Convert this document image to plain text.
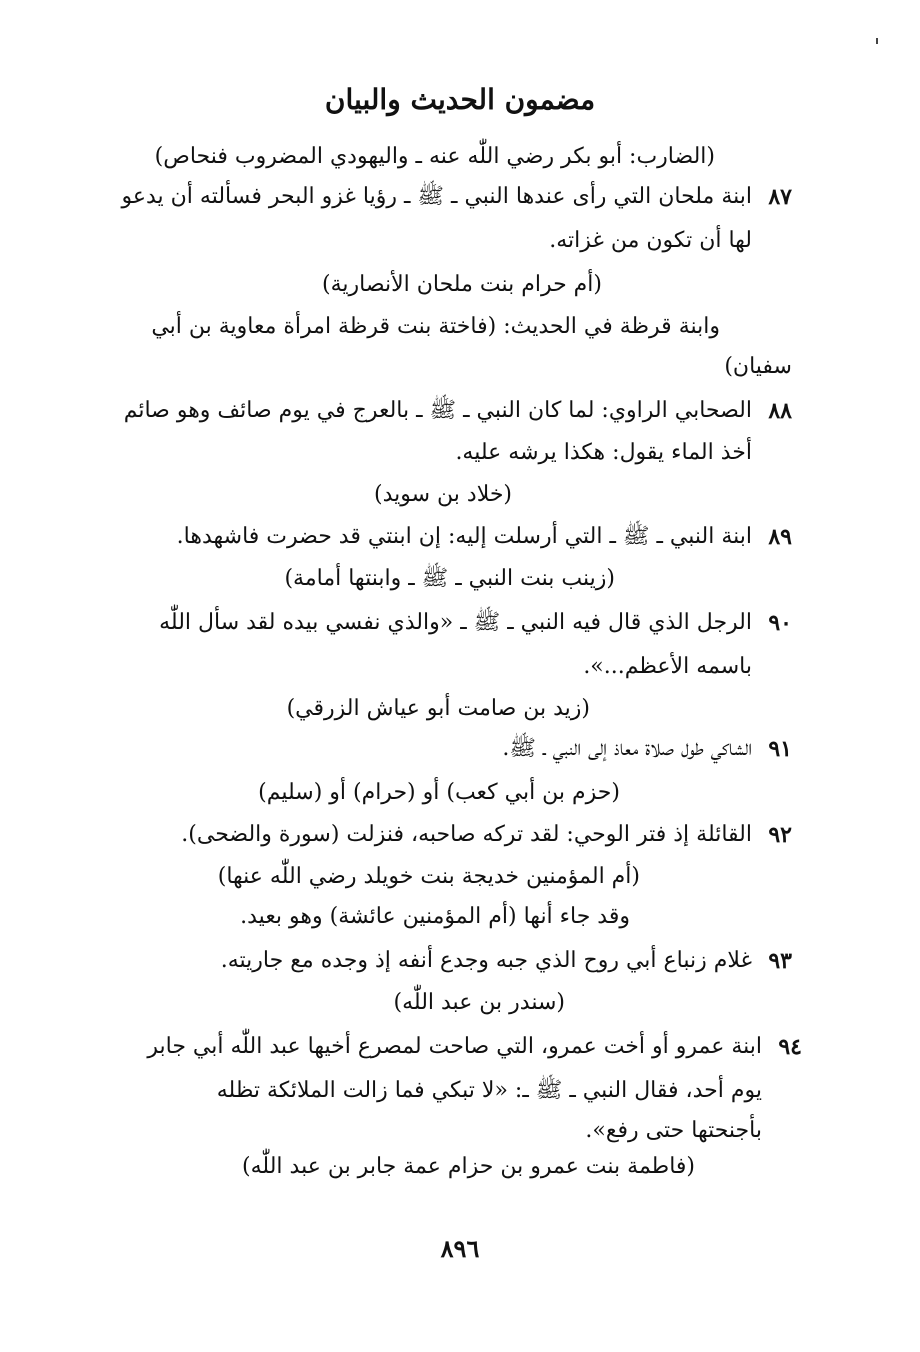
مضمون الحديث والبيان
(الضارب: أبو بكر رضي اللّٰه عنه ـ واليهودي المضروب فنحاص)
٨٧
ابنة ملحان التي رأى عندها النبي ـ ﷺ ـ رؤيا غزو البحر فسألته أن يدعو
لها أن تكون من غزاته.
(أم حرام بنت ملحان الأنصارية)
وابنة قرظة في الحديث: (فاختة بنت قرظة امرأة معاوية بن أبي
سفيان)
٨٨
الصحابي الراوي: لما كان النبي ـ ﷺ ـ بالعرج في يوم صائف وهو صائم
أخذ الماء يقول: هكذا يرشه عليه.
(خلاد بن سويد)
٨٩
ابنة النبي ـ ﷺ ـ التي أرسلت إليه: إن ابنتي قد حضرت فاشهدها.
(زينب بنت النبي ـ ﷺ ـ وابنتها أمامة)
٩٠
الرجل الذي قال فيه النبي ـ ﷺ ـ «والذي نفسي بيده لقد سأل اللّٰه
باسمه الأعظم...».
(زيد بن صامت أبو عياش الزرقي)
٩١
الشاكي طول صلاة معاذ إلى النبي ـ ﷺ.
(حزم بن أبي كعب) أو (حرام) أو (سليم)
٩٢
القائلة إذ فتر الوحي: لقد تركه صاحبه، فنزلت (سورة والضحى).
(أم المؤمنين خديجة بنت خويلد رضي اللّٰه عنها)
وقد جاء أنها (أم المؤمنين عائشة) وهو بعيد.
٩٣
غلام زنباع أبي روح الذي جبه وجدع أنفه إذ وجده مع جاريته.
(سندر بن عبد اللّٰه)
٩٤
ابنة عمرو أو أخت عمرو، التي صاحت لمصرع أخيها عبد اللّٰه أبي جابر
يوم أحد، فقال النبي ـ ﷺ ـ: «لا تبكي فما زالت الملائكة تظله
بأجنحتها حتى رفع».
(فاطمة بنت عمرو بن حزام عمة جابر بن عبد اللّٰه)
٨٩٦
